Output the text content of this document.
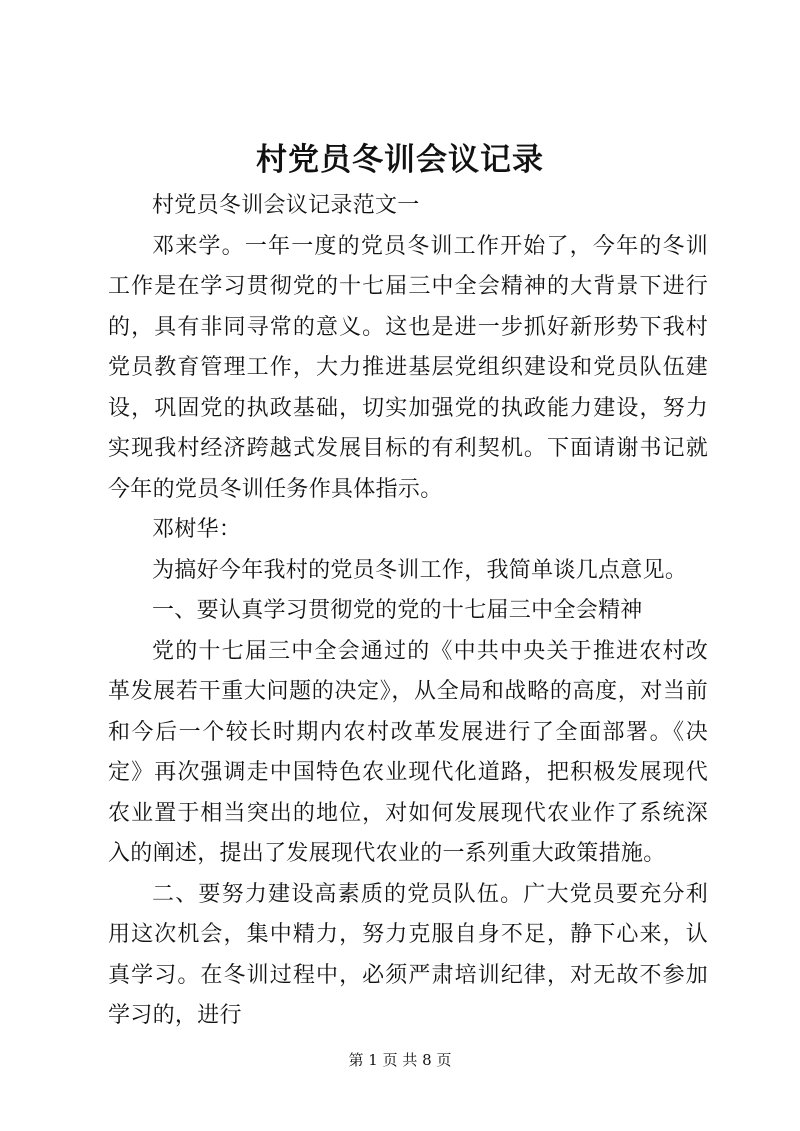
村党员冬训会议记录

村党员冬训会议记录范文一

邓来学。一年一度的党员冬训工作开始了，今年的冬训工作是在学习贯彻党的十七届三中全会精神的大背景下进行的，具有非同寻常的意义。这也是进一步抓好新形势下我村党员教育管理工作，大力推进基层党组织建设和党员队伍建设，巩固党的执政基础，切实加强党的执政能力建设，努力实现我村经济跨越式发展目标的有利契机。下面请谢书记就今年的党员冬训任务作具体指示。

邓树华：

为搞好今年我村的党员冬训工作，我简单谈几点意见。

一、要认真学习贯彻党的党的十七届三中全会精神

党的十七届三中全会通过的《中共中央关于推进农村改革发展若干重大问题的决定》，从全局和战略的高度，对当前和今后一个较长时期内农村改革发展进行了全面部署。《决定》再次强调走中国特色农业现代化道路，把积极发展现代农业置于相当突出的地位，对如何发展现代农业作了系统深入的阐述，提出了发展现代农业的一系列重大政策措施。

二、要努力建设高素质的党员队伍。广大党员要充分利用这次机会，集中精力，努力克服自身不足，静下心来，认真学习。在冬训过程中，必须严肃培训纪律，对无故不参加学习的，进行

第 1 页 共 8 页
